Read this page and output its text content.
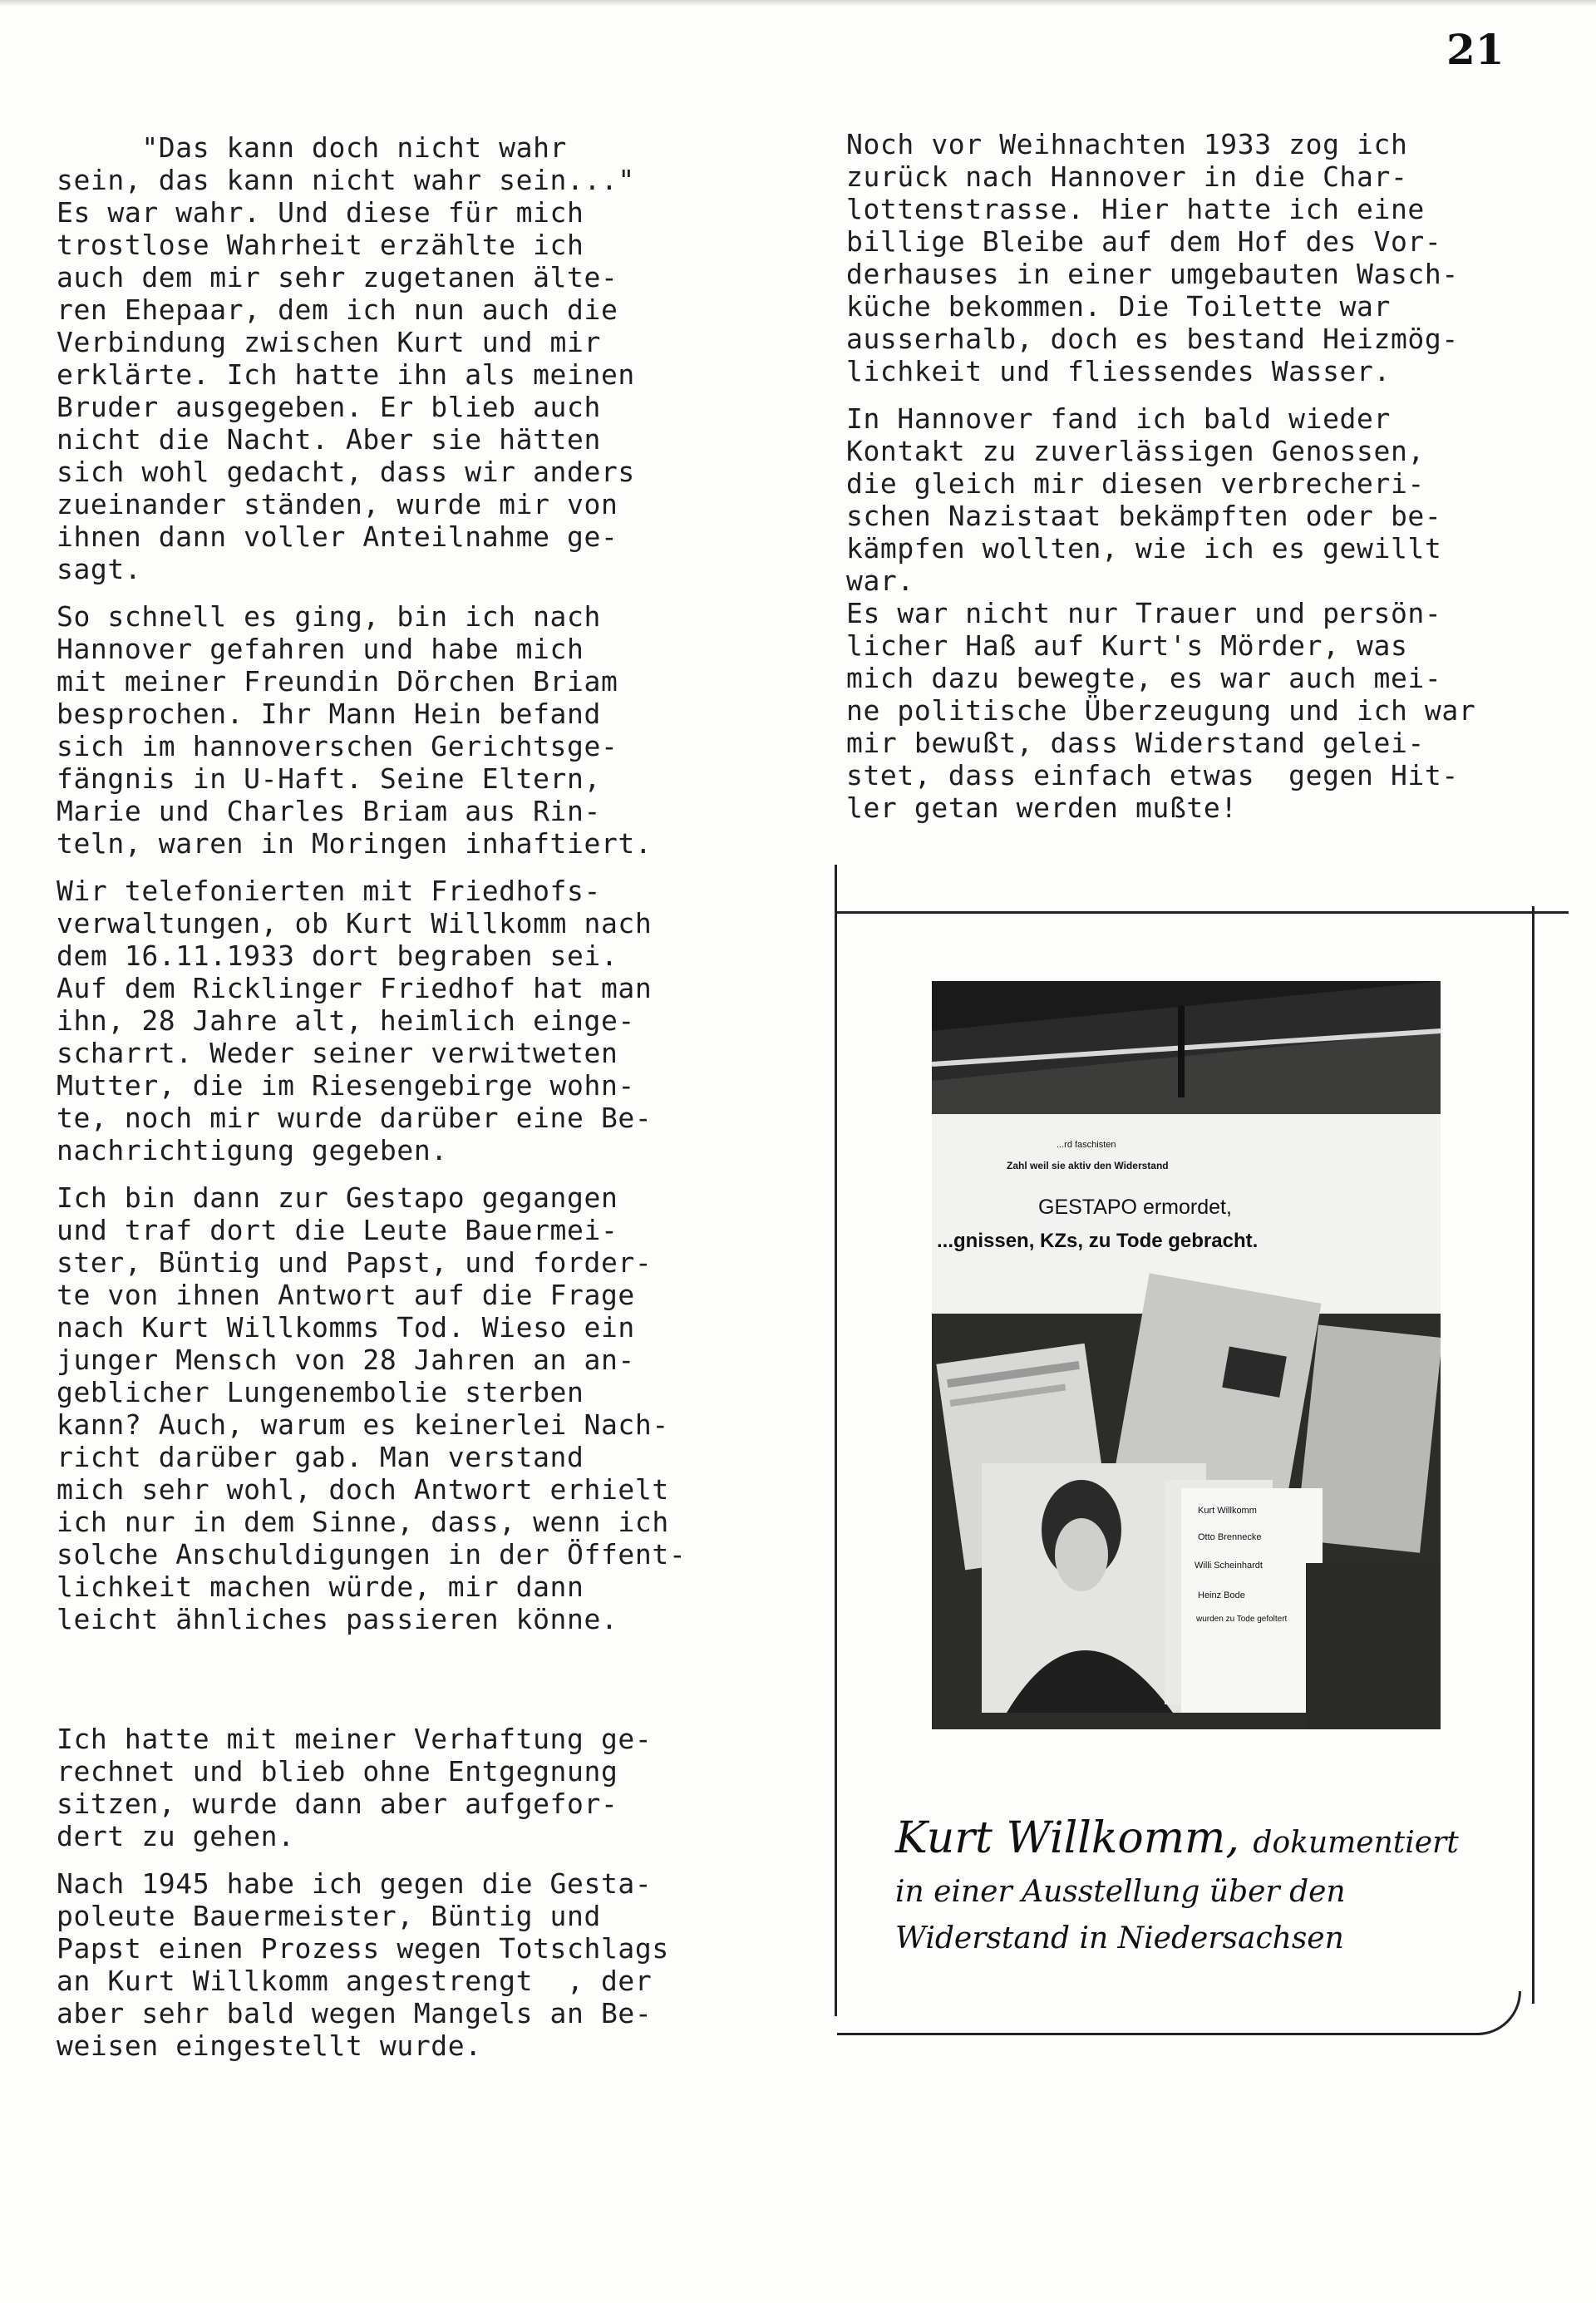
21

"Das kann doch nicht wahr
sein, das kann nicht wahr sein..."
Es war wahr. Und diese für mich
trostlose Wahrheit erzählte ich
auch dem mir sehr zugetanen älte-
ren Ehepaar, dem ich nun auch die
Verbindung zwischen Kurt und mir
erklärte. Ich hatte ihn als meinen
Bruder ausgegeben. Er blieb auch
nicht die Nacht. Aber sie hätten
sich wohl gedacht, dass wir anders
zueinander ständen, wurde mir von
ihnen dann voller Anteilnahme ge-
sagt.

So schnell es ging, bin ich nach
Hannover gefahren und habe mich
mit meiner Freundin Dörchen Briam
besprochen. Ihr Mann Hein befand
sich im hannoverschen Gerichtsge-
fängnis in U-Haft. Seine Eltern,
Marie und Charles Briam aus Rin-
teln, waren in Moringen inhaftiert.

Wir telefonierten mit Friedhofs-
verwaltungen, ob Kurt Willkomm nach
dem 16.11.1933 dort begraben sei.
Auf dem Ricklinger Friedhof hat man
ihn, 28 Jahre alt, heimlich einge-
scharrt. Weder seiner verwitweten
Mutter, die im Riesengebirge wohn-
te, noch mir wurde darüber eine Be-
nachrichtigung gegeben.

Ich bin dann zur Gestapo gegangen
und traf dort die Leute Bauermei-
ster, Büntig und Papst, und forder-
te von ihnen Antwort auf die Frage
nach Kurt Willkomms Tod. Wieso ein
junger Mensch von 28 Jahren an an-
geblicher Lungenembolie sterben
kann? Auch, warum es keinerlei Nach-
richt darüber gab. Man verstand
mich sehr wohl, doch Antwort erhielt
ich nur in dem Sinne, dass, wenn ich
solche Anschuldigungen in der Öffent-
lichkeit machen würde, mir dann
leicht ähnliches passieren könne.

Ich hatte mit meiner Verhaftung ge-
rechnet und blieb ohne Entgegnung
sitzen, wurde dann aber aufgefor-
dert zu gehen.

Nach 1945 habe ich gegen die Gesta-
poleute Bauermeister, Büntig und
Papst einen Prozess wegen Totschlags
an Kurt Willkomm angestrengt  , der
aber sehr bald wegen Mangels an Be-
weisen eingestellt wurde.

Noch vor Weihnachten 1933 zog ich
zurück nach Hannover in die Char-
lottenstrasse. Hier hatte ich eine
billige Bleibe auf dem Hof des Vor-
derhauses in einer umgebauten Wasch-
küche bekommen. Die Toilette war
ausserhalb, doch es bestand Heizmög-
lichkeit und fliessendes Wasser.

In Hannover fand ich bald wieder
Kontakt zu zuverlässigen Genossen,
die gleich mir diesen verbrecheri-
schen Nazistaat bekämpften oder be-
kämpfen wollten, wie ich es gewillt
war.
Es war nicht nur Trauer und persön-
licher Haß auf Kurt's Mörder, was
mich dazu bewegte, es war auch mei-
ne politische Überzeugung und ich war
mir bewußt, dass Widerstand gelei-
stet, dass einfach etwas  gegen Hit-
ler getan werden mußte!

...rd faschisten
Zahl weil sie aktiv den Widerstand
GESTAPO ermordet,
...gnissen, KZs, zu Tode gebracht.
Kurt Willkomm
Otto Brennecke
Willi Scheinhardt
Heinz Bode
wurden zu Tode gefoltert
Kurt Willkomm, dokumentiert
in einer Ausstellung über den
Widerstand in Niedersachsen
